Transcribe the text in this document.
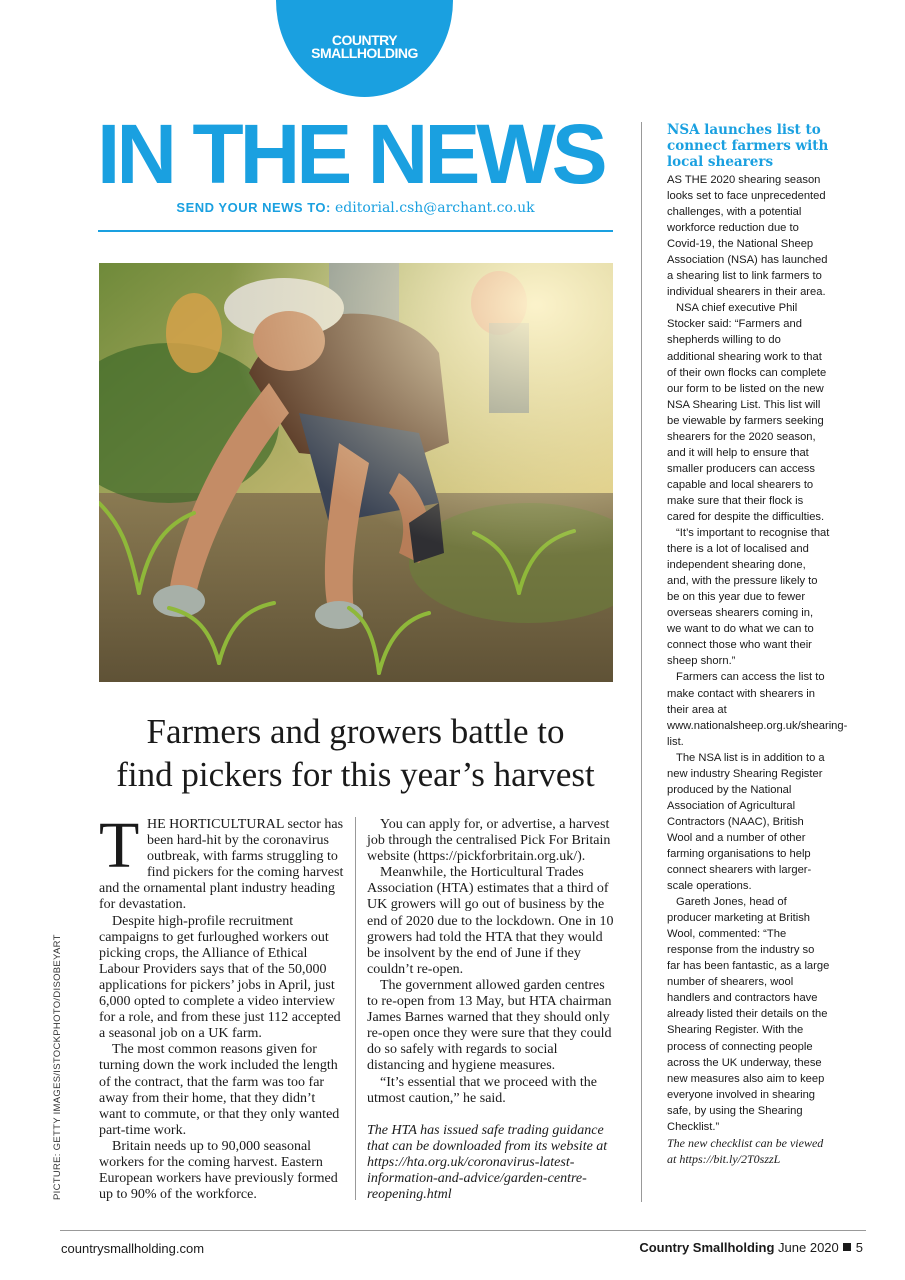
COUNTRY
SMALLHOLDING
IN THE NEWS
SEND YOUR NEWS TO: editorial.csh@archant.co.uk
Farmers and growers battle to
find pickers for this year’s harvest
T HE HORTICULTURAL sector has been hard-hit by the coronavirus outbreak, with farms struggling to find pickers for the coming harvest and the ornamental plant industry heading for devastation.

Despite high-profile recruitment campaigns to get furloughed workers out picking crops, the Alliance of Ethical Labour Providers says that of the 50,000 applications for pickers’ jobs in April, just 6,000 opted to complete a video interview for a role, and from these just 112 accepted a seasonal job on a UK farm.

The most common reasons given for turning down the work included the length of the contract, that the farm was too far away from their home, that they didn’t want to commute, or that they only wanted part-time work.

Britain needs up to 90,000 seasonal workers for the coming harvest. Eastern European workers have previously formed up to 90% of the workforce.

You can apply for, or advertise, a harvest job through the centralised Pick For Britain website (https://pickforbritain.org.uk/).

Meanwhile, the Horticultural Trades Association (HTA) estimates that a third of UK growers will go out of business by the end of 2020 due to the lockdown. One in 10 growers had told the HTA that they would be insolvent by the end of June if they couldn’t re-open.

The government allowed garden centres to re-open from 13 May, but HTA chairman James Barnes warned that they should only re-open once they were sure that they could do so safely with regards to social distancing and hygiene measures.

“It’s essential that we proceed with the utmost caution,” he said.

The HTA has issued safe trading guidance that can be downloaded from its website at https://hta.org.uk/coronavirus-latest-information-and-advice/garden-centre-reopening.html

PICTURE: GETTY IMAGES/ISTOCKPHOTO/DISOBEYART
NSA launches list to connect farmers with local shearers

AS THE 2020 shearing season looks set to face unprecedented challenges, with a potential workforce reduction due to Covid-19, the National Sheep Association (NSA) has launched a shearing list to link farmers to individual shearers in their area.

NSA chief executive Phil Stocker said: “Farmers and shepherds willing to do additional shearing work to that of their own flocks can complete our form to be listed on the new NSA Shearing List. This list will be viewable by farmers seeking shearers for the 2020 season, and it will help to ensure that smaller producers can access capable and local shearers to make sure that their flock is cared for despite the difficulties.

“It’s important to recognise that there is a lot of localised and independent shearing done, and, with the pressure likely to be on this year due to fewer overseas shearers coming in, we want to do what we can to connect those who want their sheep shorn.”

Farmers can access the list to make contact with shearers in their area at www.nationalsheep.org.uk/shearing-list.

The NSA list is in addition to a new industry Shearing Register produced by the National Association of Agricultural Contractors (NAAC), British Wool and a number of other farming organisations to help connect shearers with larger-scale operations.

Gareth Jones, head of producer marketing at British Wool, commented: “The response from the industry so far has been fantastic, as a large number of shearers, wool handlers and contractors have already listed their details on the Shearing Register. With the process of connecting people across the UK underway, these new measures also aim to keep everyone involved in shearing safe, by using the Shearing Checklist.”

The new checklist can be viewed at https://bit.ly/2T0szzL

countrysmallholding.com	Country Smallholding June 2020 5
